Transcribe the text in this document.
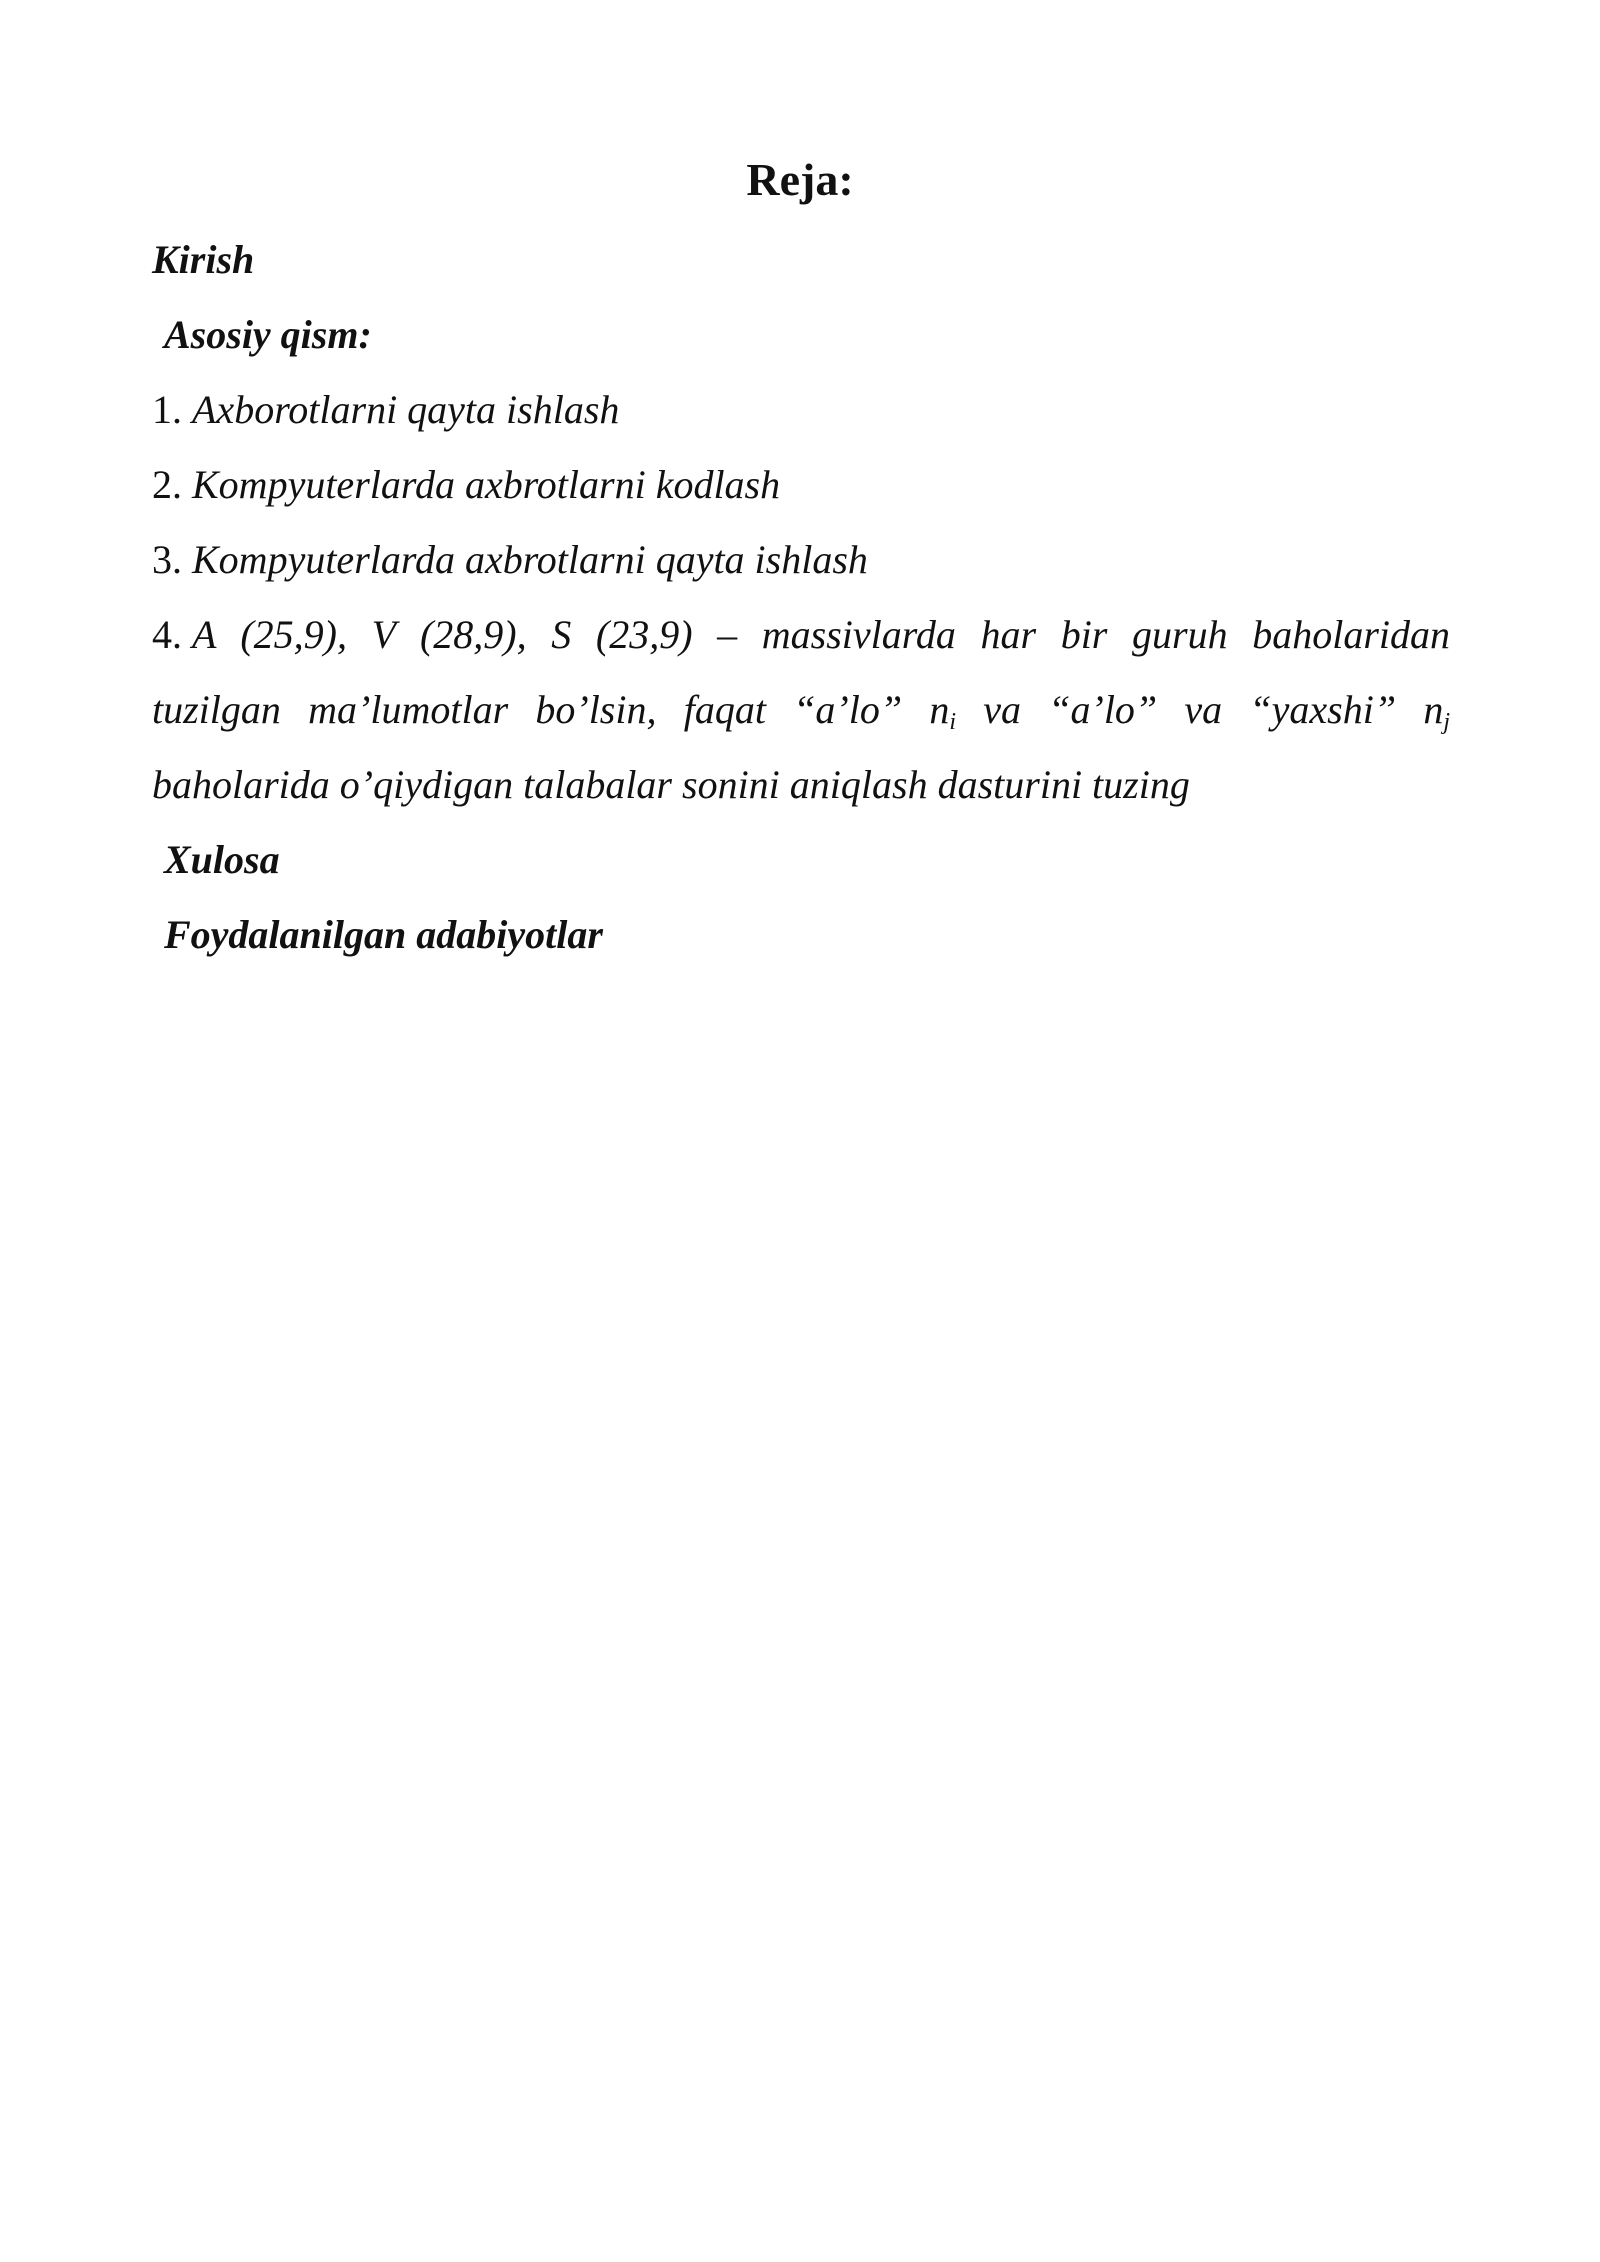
Reja:
Kirish
Asosiy qism:
1. Axborotlarni qayta ishlash
2. Kompyuterlarda axbrotlarni kodlash
3. Kompyuterlarda axbrotlarni qayta ishlash
4. A (25,9), V (28,9), S (23,9) – massivlarda har bir guruh baholaridan
tuzilgan ma’lumotlar bo’lsin, faqat “a’lo” $n_i$ va “a’lo” va “yaxshi” $n_j$
baholarida o’qiydigan talabalar sonini aniqlash dasturini tuzing
Xulosa
Foydalanilgan adabiyotlar
